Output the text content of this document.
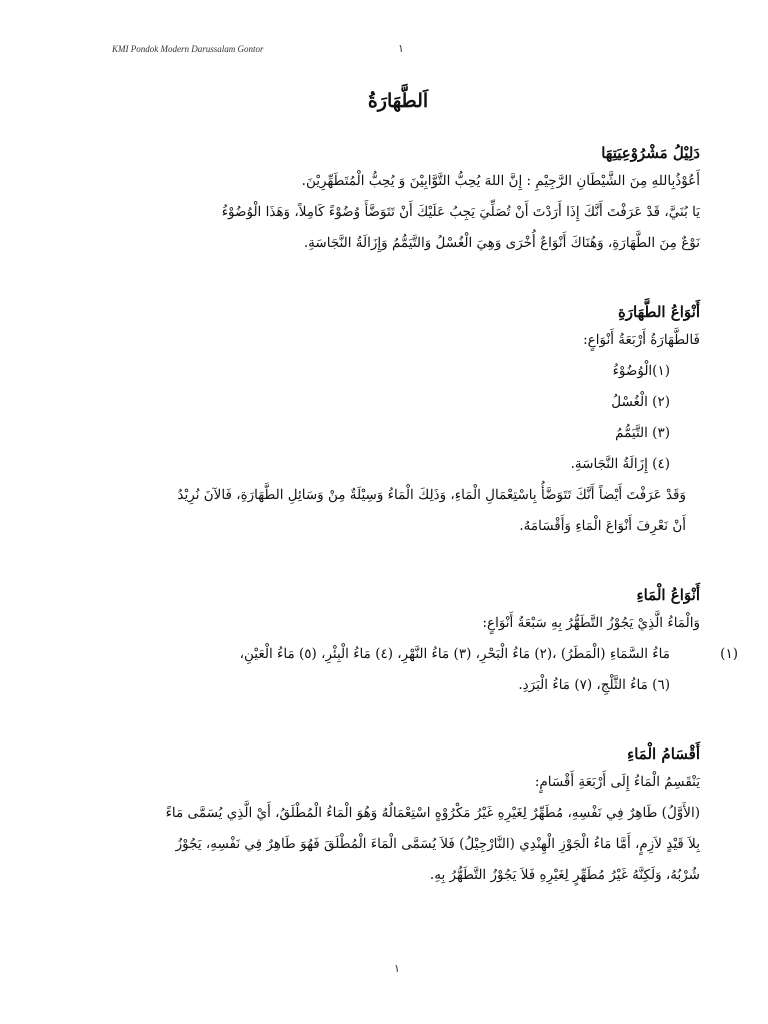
KMI Pondok Modern Darussalam Gontor	١
اَلطَّهَارَةُ
دَلِيْلُ مَشْرُوْعِيَتِهَا

أَعُوْذُبِاللهِ مِنَ الشَّيْطَانِ الرَّجِيْمِ : إِنَّ اللهَ يُحِبُّ التَّوَّابِيْنَ وَ يُحِبُّ الْمُتَطَهِّرِيْنَ.

يَا بُنَيَّ، قَدْ عَرَفْتَ أَنَّكَ إِذَا أَرَدْتَ أَنْ تُصَلِّيَ يَجِبُ عَلَيْكَ أَنْ تَتَوَضَّأَ وُضُوْءً كَامِلاً، وَهَذَا الْوُضُوْءُ

نَوْعٌ مِنَ الطَّهَارَةِ، وَهُنَاكَ أَنْوَاعٌ أُخْرَى وَهِيَ الْغُسْلُ وَالتَّيَمُّمُ وَإِزَالَةُ النَّجَاسَةِ.

أَنْوَاعُ الطَّهَارَةِ

فَالطَّهَارَةُ أَرْبَعَةُ أَنْوَاعٍ:

(١)الْوُضُوْءُ
(٢) الْغُسْلُ
(٣) التَّيَمُّمُ
(٤) إِزَالَةُ النَّجَاسَةِ.

وَقَدْ عَرَفْتَ أَيْضاً أَنَّكَ تَتَوَضَّأُ بِاسْتِعْمَالِ الْمَاءِ، وَذَلِكَ الْمَاءُ وَسِيْلَةٌ مِنْ وَسَائِلِ الطَّهَارَةِ، فَالآنَ نُرِيْدُ

أَنْ نَعْرِفَ أَنْوَاعَ الْمَاءِ وَأَقْسَامَهُ.

أَنْوَاعُ الْمَاءِ

وَالْمَاءُ الَّذِيْ يَجُوْزُ التَّطَهُّرُ بِهِ سَبْعَةُ أَنْوَاعٍ:

(١)

مَاءُ السَّمَاءِ (الْمَطَرُ) ،(٢) مَاءُ الْبَحْرِ، (٣) مَاءُ النَّهْرِ، (٤) مَاءُ الْبِئْرِ، (٥) مَاءُ الْعَيْنِ،

(٦) مَاءُ الثَّلْجِ، (٧) مَاءُ الْبَرَدِ.

أَقْسَامُ الْمَاءِ

يَنْقَسِمُ الْمَاءُ إِلَى أَرْبَعَةِ أَقْسَامٍ:

(الأَوَّلُ) طَاهِرٌ فِي نَفْسِهِ، مُطَهِّرٌ لِغَيْرِهِ غَيْرُ مَكْرُوْهٍ اسْتِعْمَالُهُ وَهُوَ الْمَاءُ الْمُطْلَقُ، أَيْ الَّذِي يُسَمَّى مَاءً

بِلاَ قَيْدٍ لاَزِمٍ، أَمَّا مَاءُ الْجَوْزِ الْهِنْدِي (النَّارْجِيْلُ) فَلاَ يُسَمَّى الْمَاءَ الْمُطْلَقَ فَهُوَ طَاهِرٌ فِي نَفْسِهِ، يَجُوْزُ

شُرْبُهُ، وَلَكِنَّهُ غَيْرُ مُطَهِّرٍ لِغَيْرِهِ فَلاَ يَجُوْزُ التَّطَهُّرُ بِهِ.

١
